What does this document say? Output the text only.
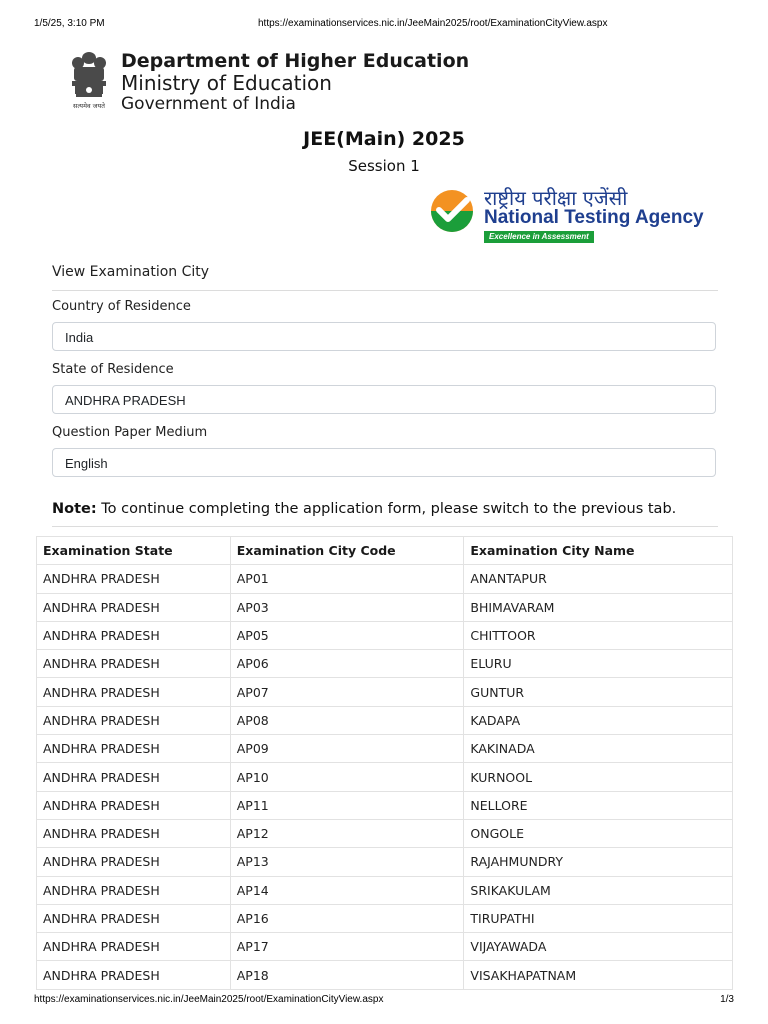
1/5/25, 3:10 PM	https://examinationservices.nic.in/JeeMain2025/root/ExaminationCityView.aspx
सत्यमेव जयते
Department of Higher Education
Ministry of Education
Government of India
JEE(Main) 2025
Session 1
राष्ट्रीय परीक्षा एजेंसी
National Testing Agency
Excellence in Assessment
View Examination City
Country of Residence
India
State of Residence
ANDHRA PRADESH
Question Paper Medium
English
Note: To continue completing the application form, please switch to the previous tab.
Examination State	Examination City Code	Examination City Name
ANDHRA PRADESH	AP01	ANANTAPUR
ANDHRA PRADESH	AP03	BHIMAVARAM
ANDHRA PRADESH	AP05	CHITTOOR
ANDHRA PRADESH	AP06	ELURU
ANDHRA PRADESH	AP07	GUNTUR
ANDHRA PRADESH	AP08	KADAPA
ANDHRA PRADESH	AP09	KAKINADA
ANDHRA PRADESH	AP10	KURNOOL
ANDHRA PRADESH	AP11	NELLORE
ANDHRA PRADESH	AP12	ONGOLE
ANDHRA PRADESH	AP13	RAJAHMUNDRY
ANDHRA PRADESH	AP14	SRIKAKULAM
ANDHRA PRADESH	AP16	TIRUPATHI
ANDHRA PRADESH	AP17	VIJAYAWADA
ANDHRA PRADESH	AP18	VISAKHAPATNAM
https://examinationservices.nic.in/JeeMain2025/root/ExaminationCityView.aspx	1/3
